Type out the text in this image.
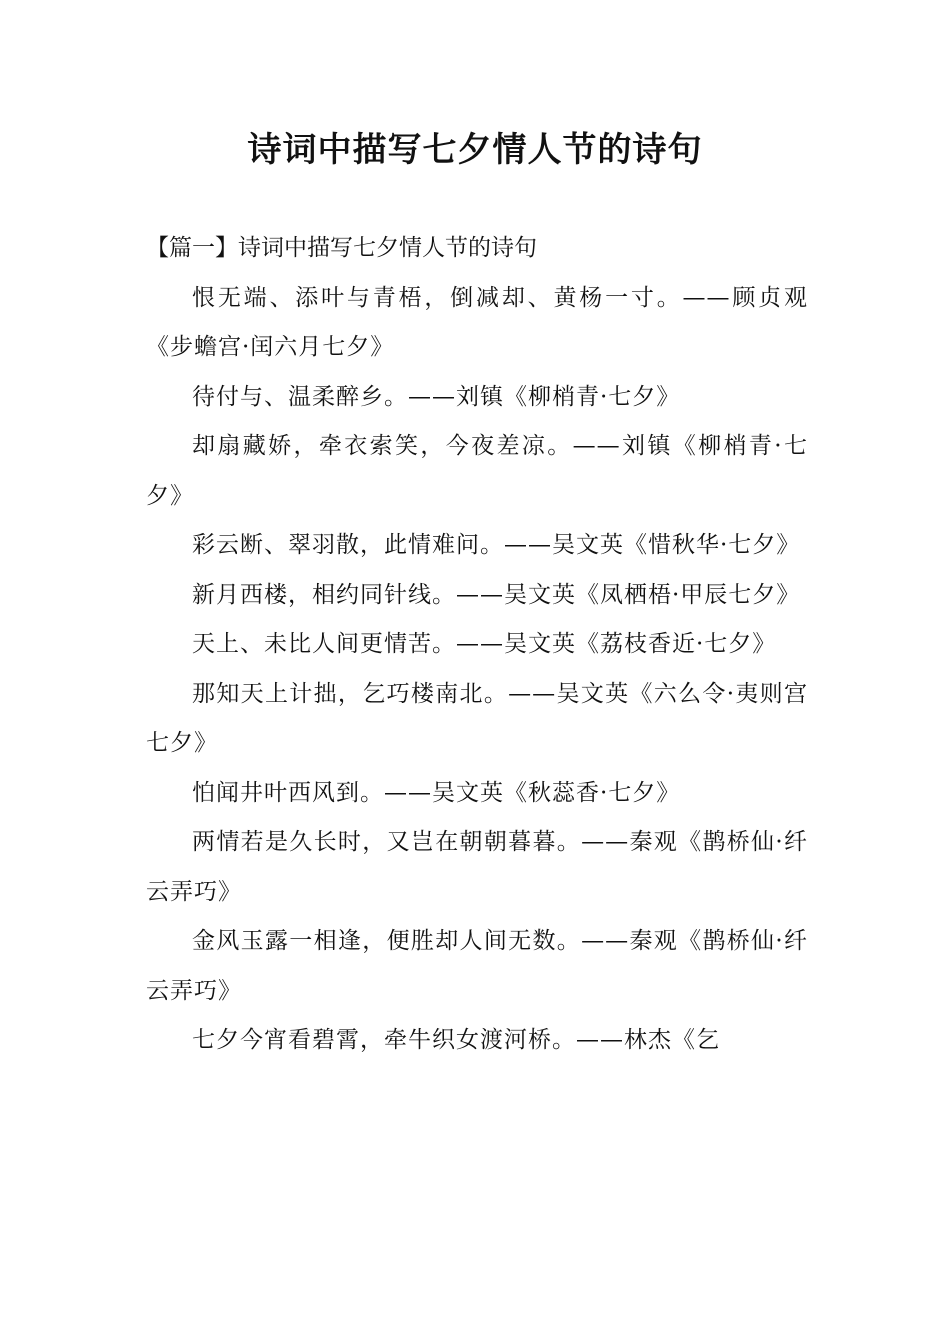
诗词中描写七夕情人节的诗句

【篇一】诗词中描写七夕情人节的诗句

恨无端、添叶与青梧，倒减却、黄杨一寸。——顾贞观《步蟾宫·闰六月七夕》

待付与、温柔醉乡。——刘镇《柳梢青·七夕》

却扇藏娇，牵衣索笑，今夜差凉。——刘镇《柳梢青·七夕》

彩云断、翠羽散，此情难问。——吴文英《惜秋华·七夕》

新月西楼，相约同针线。——吴文英《凤栖梧·甲辰七夕》

天上、未比人间更情苦。——吴文英《荔枝香近·七夕》

那知天上计拙，乞巧楼南北。——吴文英《六么令·夷则宫七夕》

怕闻井叶西风到。——吴文英《秋蕊香·七夕》

两情若是久长时，又岂在朝朝暮暮。——秦观《鹊桥仙·纤云弄巧》

金风玉露一相逢，便胜却人间无数。——秦观《鹊桥仙·纤云弄巧》

七夕今宵看碧霄，牵牛织女渡河桥。——林杰《乞
